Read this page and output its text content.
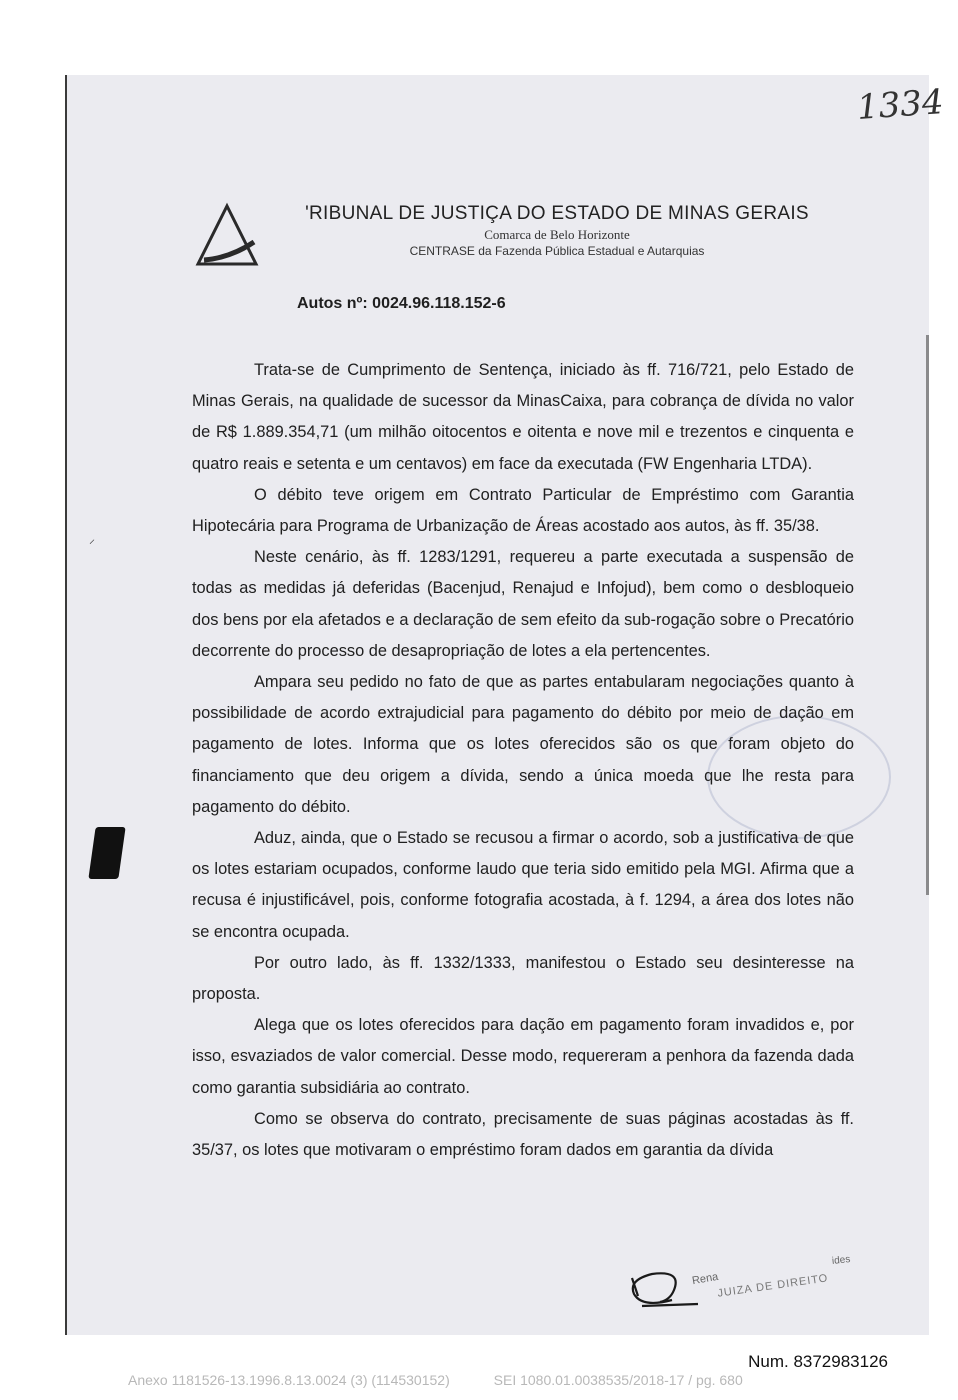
1334
'RIBUNAL DE JUSTIÇA DO ESTADO DE MINAS GERAIS
Comarca de Belo Horizonte
CENTRASE da Fazenda Pública Estadual e Autarquias
Autos nº: 0024.96.118.152-6

Trata-se de Cumprimento de Sentença, iniciado às ff. 716/721, pelo Estado de Minas Gerais, na qualidade de sucessor da MinasCaixa, para cobrança de dívida no valor de R$ 1.889.354,71 (um milhão oitocentos e oitenta e nove mil e trezentos e cinquenta e quatro reais e setenta e um centavos) em face da executada (FW Engenharia LTDA).

O débito teve origem em Contrato Particular de Empréstimo com Garantia Hipotecária para Programa de Urbanização de Áreas acostado aos autos, às ff. 35/38.

Neste cenário, às ff. 1283/1291, requereu a parte executada a suspensão de todas as medidas já deferidas (Bacenjud, Renajud e Infojud), bem como o desbloqueio dos bens por ela afetados e a declaração de sem efeito da sub-rogação sobre o Precatório decorrente do processo de desapropriação de lotes a ela pertencentes.

Ampara seu pedido no fato de que as partes entabularam negociações quanto à possibilidade de acordo extrajudicial para pagamento do débito por meio de dação em pagamento de lotes. Informa que os lotes oferecidos são os que foram objeto do financiamento que deu origem a dívida, sendo a única moeda que lhe resta para pagamento do débito.

Aduz, ainda, que o Estado se recusou a firmar o acordo, sob a justificativa de que os lotes estariam ocupados, conforme laudo que teria sido emitido pela MGI. Afirma que a recusa é injustificável, pois, conforme fotografia acostada, à f. 1294, a área dos lotes não se encontra ocupada.

Por outro lado, às ff. 1332/1333, manifestou o Estado seu desinteresse na proposta.

Alega que os lotes oferecidos para dação em pagamento foram invadidos e, por isso, esvaziados de valor comercial. Desse modo, requereram a penhora da fazenda dada como garantia subsidiária ao contrato.

Como se observa do contrato, precisamente de suas páginas acostadas às ff. 35/37, os lotes que motivaram o empréstimo foram dados em garantia da dívida

⸝
Rena
JUIZA DE DIREITO
ides
Num. 8372983126
Anexo 1181526-13.1996.8.13.0024 (3) (114530152)	SEI 1080.01.0038535/2018-17 / pg. 680
